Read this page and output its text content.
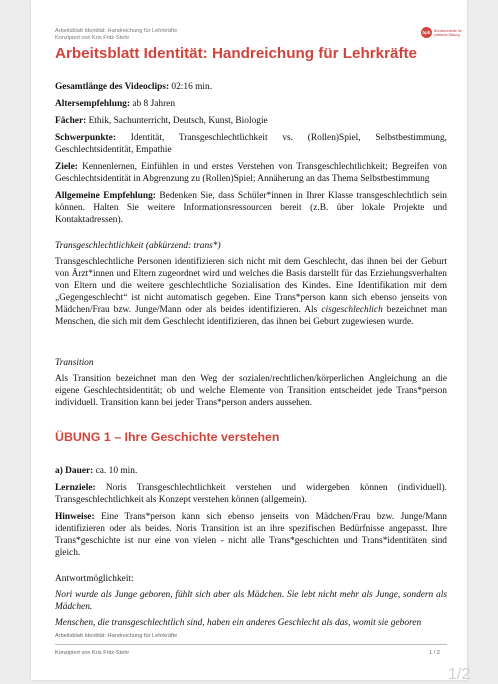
Arbeitsblatt Identität: Handreichung für Lehrkräfte
Konzipiert von Kris Fritz-Stehr
bpb	Bundeszentrale für politische Bildung
Arbeitsblatt Identität: Handreichung für Lehrkräfte

Gesamtlänge des Videoclips: 02:16 min.

Altersempfehlung: ab 8 Jahren

Fächer: Ethik, Sachunterricht, Deutsch, Kunst, Biologie

Schwerpunkte: Identität, Transgeschlechtlichkeit vs. (Rollen)Spiel, Selbstbestimmung, Geschlechtsidentität, Empathie

Ziele: Kennenlernen, Einfühlen in und erstes Verstehen von Transgeschlechtlichkeit; Begreifen von Geschlechtsidentität in Abgrenzung zu (Rollen)Spiel; Annäherung an das Thema Selbstbestimmung

Allgemeine Empfehlung: Bedenken Sie, dass Schüler*innen in Ihrer Klasse transgeschlechtlich sein können. Halten Sie weitere Informationsressourcen bereit (z.B. über lokale Projekte und Kontaktadressen).

Transgeschlechtlichkeit (abkürzend: trans*)

Transgeschlechtliche Personen identifizieren sich nicht mit dem Geschlecht, das ihnen bei der Geburt von Ärzt*innen und Eltern zugeordnet wird und welches die Basis darstellt für das Erziehungsverhalten von Eltern und die weitere geschlechtliche Sozialisation des Kindes. Eine Identifikation mit dem „Gegengeschlecht“ ist nicht automatisch gegeben. Eine Trans*person kann sich ebenso jenseits von Mädchen/Frau bzw. Junge/Mann oder als beides identifizieren. Als cisgeschlechlich bezeichnet man Menschen, die sich mit dem Geschlecht identifizieren, das ihnen bei Geburt zugewiesen wurde.

Transition

Als Transition bezeichnet man den Weg der sozialen/rechtlichen/körperlichen Angleichung an die eigene Geschlechtsidentität; ob und welche Elemente von Transition entscheidet jede Trans*person individuell. Transition kann bei jeder Trans*person anders aussehen.

ÜBUNG 1 – Ihre Geschichte verstehen

a) Dauer: ca. 10 min.

Lernziele: Noris Transgeschlechtlichkeit verstehen und widergeben können (individuell). Transgeschlechtlichkeit als Konzept verstehen können (allgemein).

Hinweise: Eine Trans*person kann sich ebenso jenseits von Mädchen/Frau bzw. Junge/Mann identifizieren oder als beides. Noris Transition ist an ihre spezifischen Bedürfnisse angepasst. Ihre Trans*geschichte ist nur eine von vielen - nicht alle Trans*geschichten und Trans*identitäten sind gleich.

Antwortmöglichkeit:

Nori wurde als Junge geboren, fühlt sich aber als Mädchen. Sie lebt nicht mehr als Junge, sondern als Mädchen.

Menschen, die transgeschlechtlich sind, haben ein anderes Geschlecht als das, womit sie geboren

Arbeitsblatt Identität: Handreichung für Lehrkräfte
Konzipiert von Kris Fritz-Stehr	1 / 2
1/2
